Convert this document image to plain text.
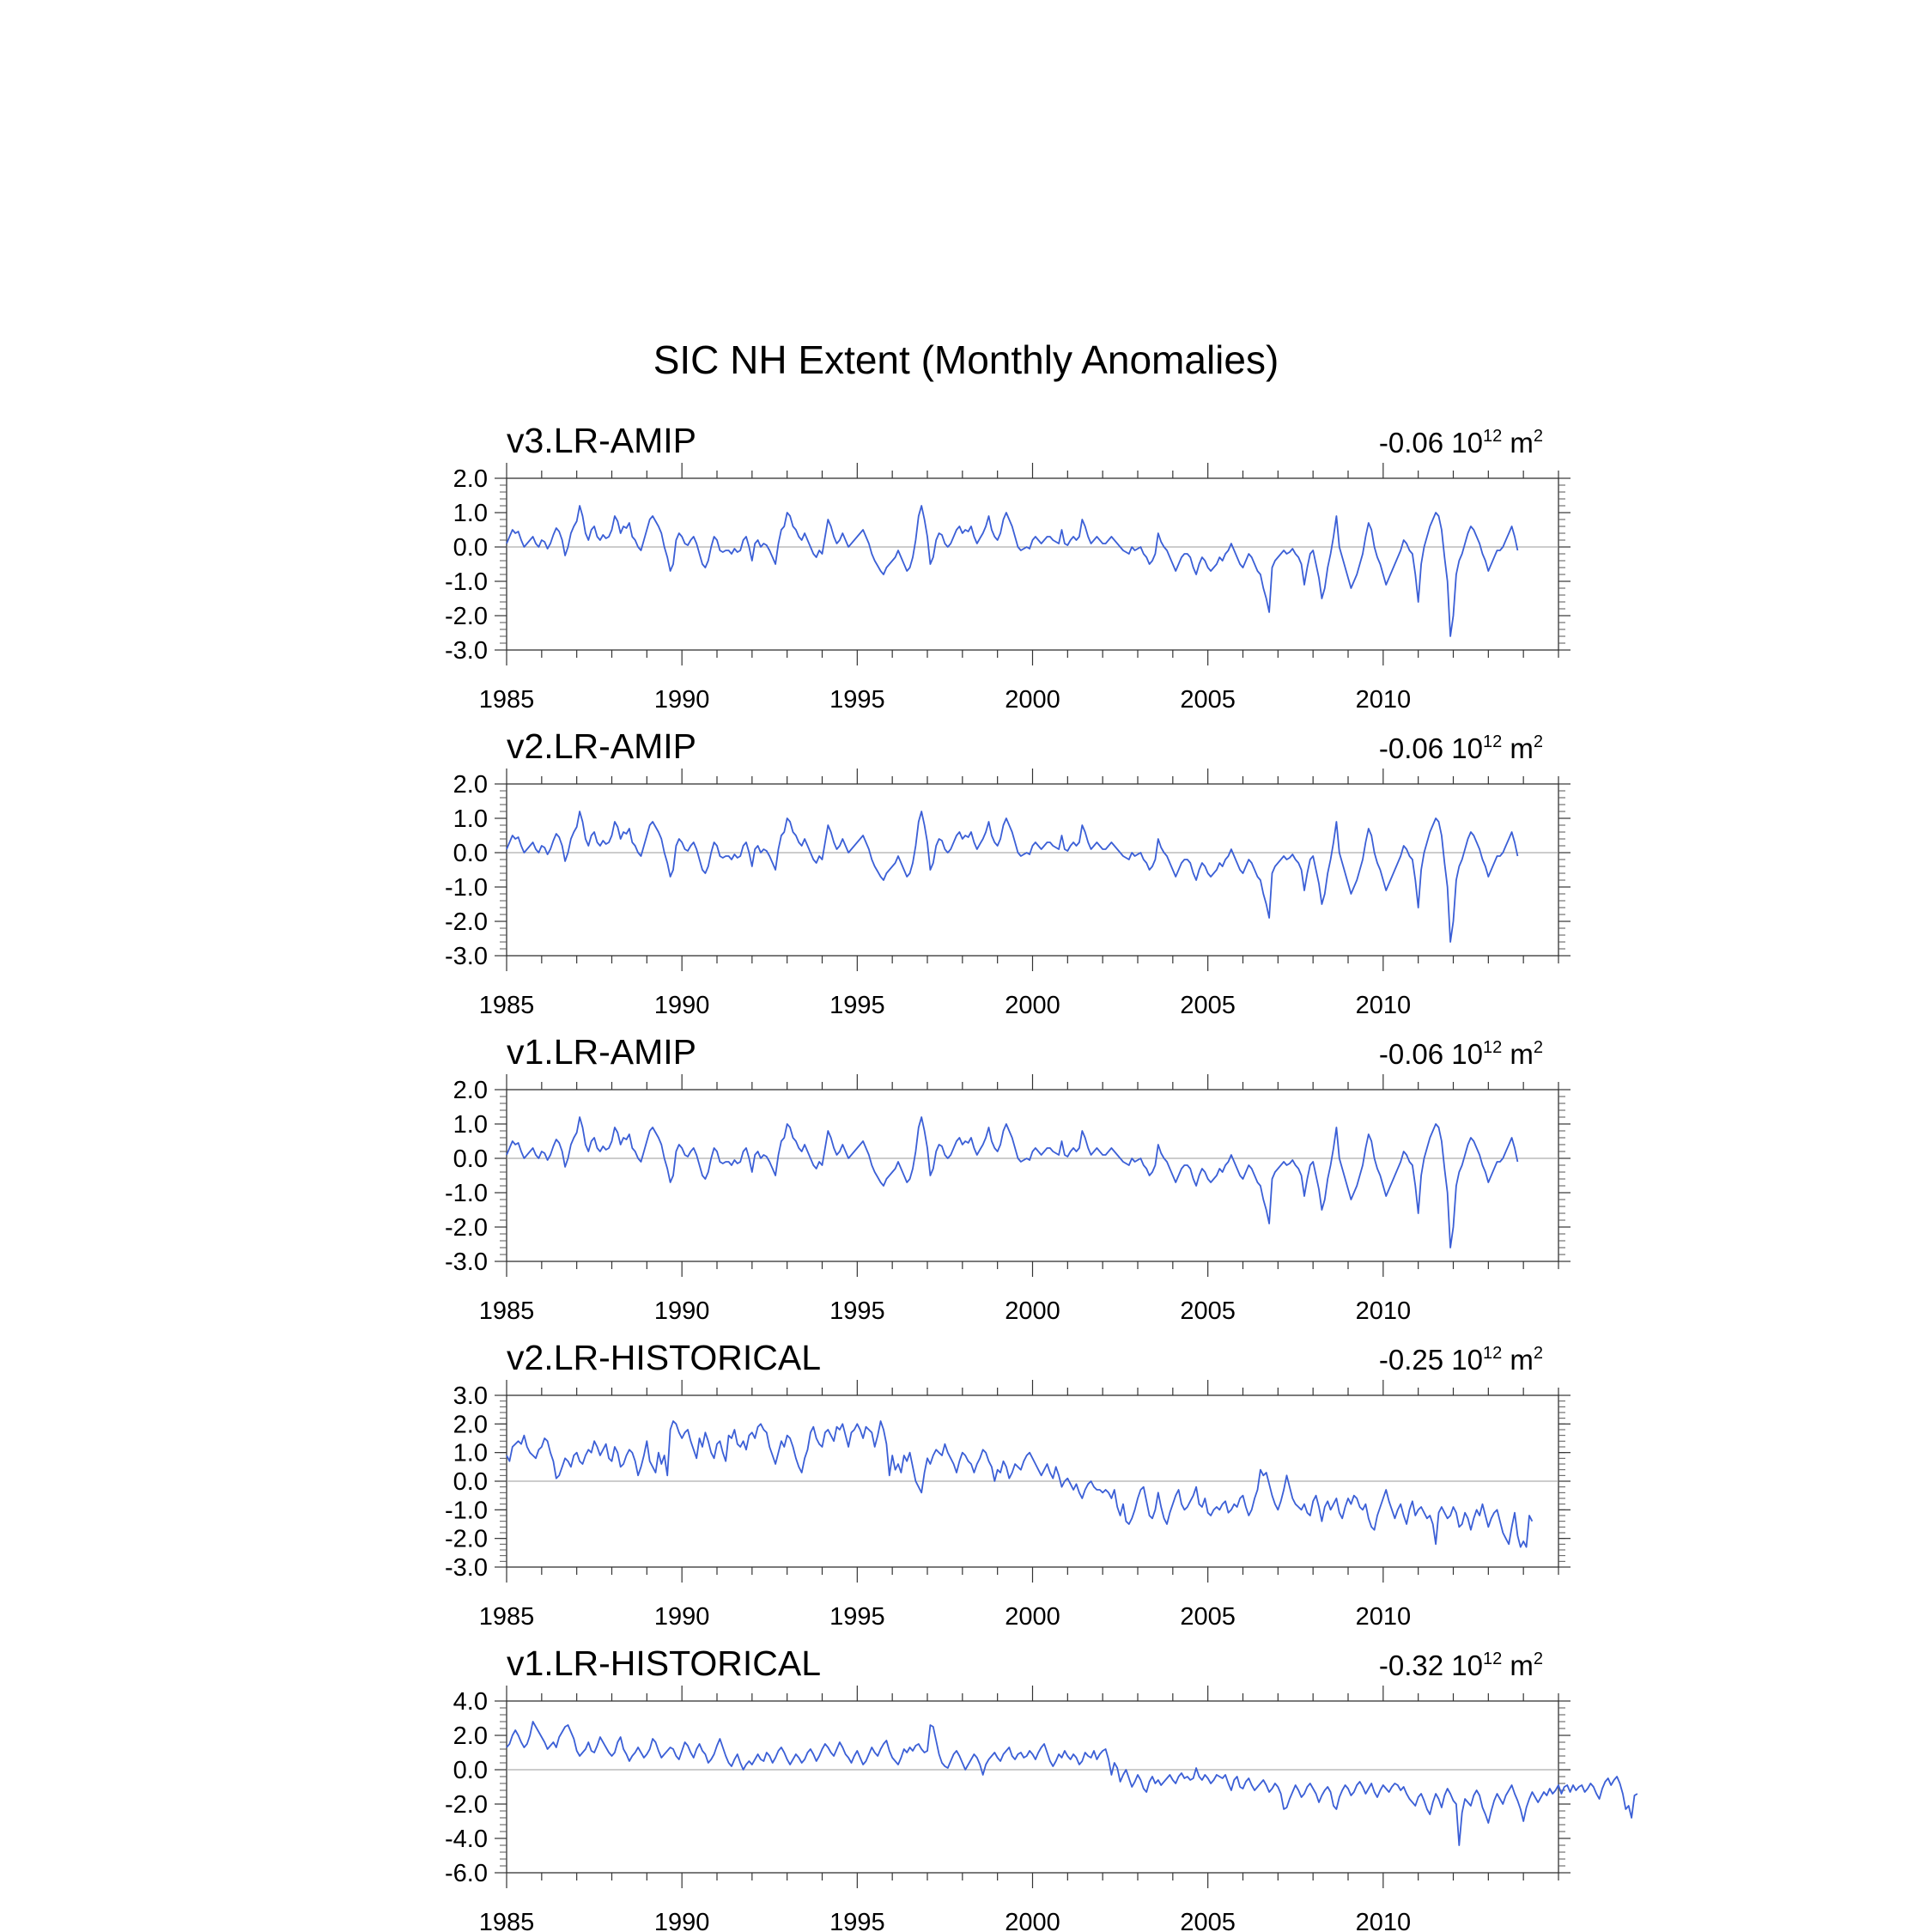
SIC NH Extent (Monthly Anomalies)
v3.LR-AMIP	-0.06 $10^{12}$ $m^2$
2.0
1.0
0.0
-1.0
-2.0
-3.0
1985	1990	1995	2000	2005	2010
v2.LR-AMIP	-0.06 $10^{12}$ $m^2$
2.0
1.0
0.0
-1.0
-2.0
-3.0
1985	1990	1995	2000	2005	2010
v1.LR-AMIP	-0.06 $10^{12}$ $m^2$
2.0
1.0
0.0
-1.0
-2.0
-3.0
1985	1990	1995	2000	2005	2010
v2.LR-HISTORICAL	-0.25 $10^{12}$ $m^2$
3.0
2.0
1.0
0.0
-1.0
-2.0
-3.0
1985	1990	1995	2000	2005	2010
v1.LR-HISTORICAL	-0.32 $10^{12}$ $m^2$
4.0
2.0
0.0
-2.0
-4.0
-6.0
1985	1990	1995	2000	2005	2010
